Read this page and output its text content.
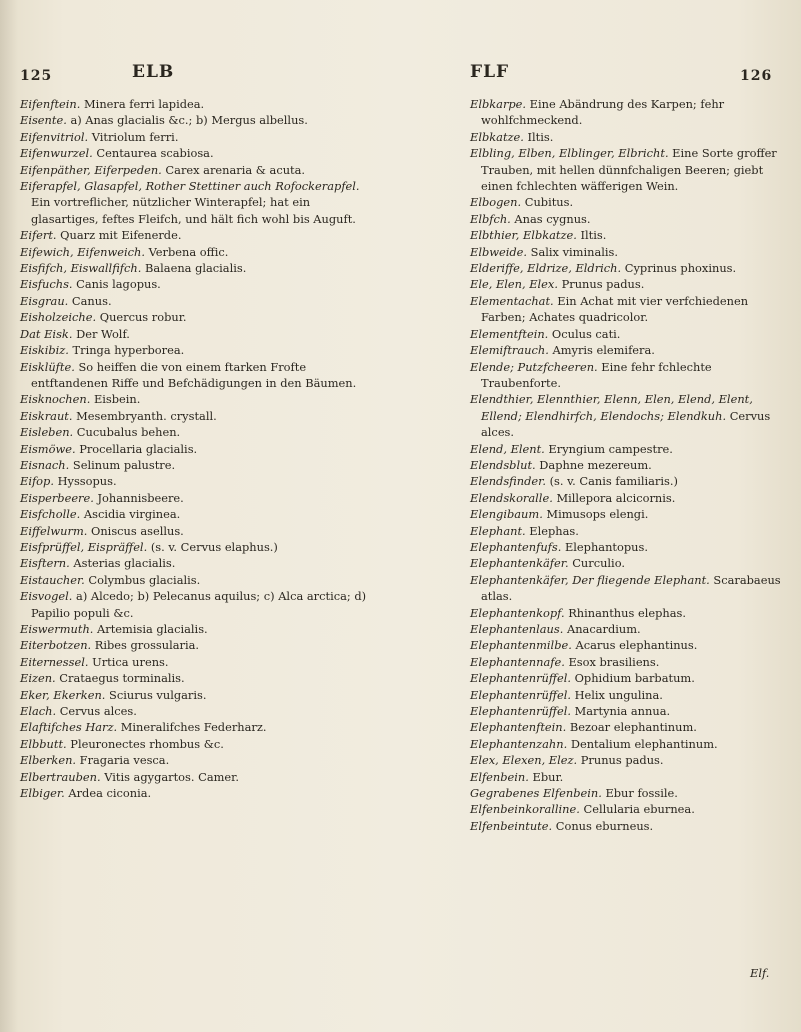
125	ELB	FLF	126

Eifenftein. Minera ferri lapidea.

Eisente. a) Anas glacialis &c.; b) Mergus albellus.

Eifenvitriol. Vitriolum ferri.

Eifenwurzel. Centaurea scabiosa.

Eifenpäther, Eiferpeden. Carex arenaria & acuta.

Eiferapfel, Glasapfel, Rother Stettiner auch Rofockerapfel. Ein vortreflicher, nützlicher Winterapfel; hat ein glasartiges, feftes Fleifch, und hält fich wohl bis Auguft.

Eifert. Quarz mit Eifenerde.

Eifewich, Eifenweich. Verbena offic.

Eisfifch, Eiswallfifch. Balaena glacialis.

Eisfuchs. Canis lagopus.

Eisgrau. Canus.

Eisholzeiche. Quercus robur.

Dat Eisk. Der Wolf.

Eiskibiz. Tringa hyperborea.

Eisklüfte. So heiffen die von einem ftarken Frofte entftandenen Riffe und Befchädigungen in den Bäumen.

Eisknochen. Eisbein.

Eiskraut. Mesembryanth. crystall.

Eisleben. Cucubalus behen.

Eismöwe. Procellaria glacialis.

Eisnach. Selinum palustre.

Eifop. Hyssopus.

Eisperbeere. Johannisbeere.

Eisfcholle. Ascidia virginea.

Eiffelwurm. Oniscus asellus.

Eisfprüffel, Eispräffel. (s. v. Cervus elaphus.)

Eisftern. Asterias glacialis.

Eistaucher. Colymbus glacialis.

Eisvogel. a) Alcedo; b) Pelecanus aquilus; c) Alca arctica; d) Papilio populi &c.

Eiswermuth. Artemisia glacialis.

Eiterbotzen. Ribes grossularia.

Eiternessel. Urtica urens.

Eizen. Crataegus torminalis.

Eker, Ekerken. Sciurus vulgaris.

Elach. Cervus alces.

Elaftifches Harz. Mineralifches Federharz.

Elbbutt. Pleuronectes rhombus &c.

Elberken. Fragaria vesca.

Elbertrauben. Vitis agygartos. Camer.

Elbiger. Ardea ciconia.

Elbkarpe. Eine Abändrung des Karpen; fehr wohlfchmeckend.

Elbkatze. Iltis.

Elbling, Elben, Elblinger, Elbricht. Eine Sorte groffer Trauben, mit hellen dünnfchaligen Beeren; giebt einen fchlechten wäfferigen Wein.

Elbogen. Cubitus.

Elbfch. Anas cygnus.

Elbthier, Elbkatze. Iltis.

Elbweide. Salix viminalis.

Elderiffe, Eldrize, Eldrich. Cyprinus phoxinus.

Ele, Elen, Elex. Prunus padus.

Elementachat. Ein Achat mit vier verfchiedenen Farben; Achates quadricolor.

Elementftein. Oculus cati.

Elemiftrauch. Amyris elemifera.

Elende; Putzfcheeren. Eine fehr fchlechte Traubenforte.

Elendthier, Elennthier, Elenn, Elen, Elend, Elent, Ellend; Elendhirfch, Elendochs; Elendkuh. Cervus alces.

Elend, Elent. Eryngium campestre.

Elendsblut. Daphne mezereum.

Elendsfinder. (s. v. Canis familiaris.)

Elendskoralle. Millepora alcicornis.

Elengibaum. Mimusops elengi.

Elephant. Elephas.

Elephantenfufs. Elephantopus.

Elephantenkäfer. Curculio.

Elephantenkäfer, Der fliegende Elephant. Scarabaeus atlas.

Elephantenkopf. Rhinanthus elephas.

Elephantenlaus. Anacardium.

Elephantenmilbe. Acarus elephantinus.

Elephantennafe. Esox brasiliens.

Elephantenrüffel. Ophidium barbatum.

Elephantenrüffel. Helix ungulina.

Elephantenrüffel. Martynia annua.

Elephantenftein. Bezoar elephantinum.

Elephantenzahn. Dentalium elephantinum.

Elex, Elexen, Elez. Prunus padus.

Elfenbein. Ebur.

Gegrabenes Elfenbein. Ebur fossile.

Elfenbeinkoralline. Cellularia eburnea.

Elfenbeintute. Conus eburneus.

Elf.
